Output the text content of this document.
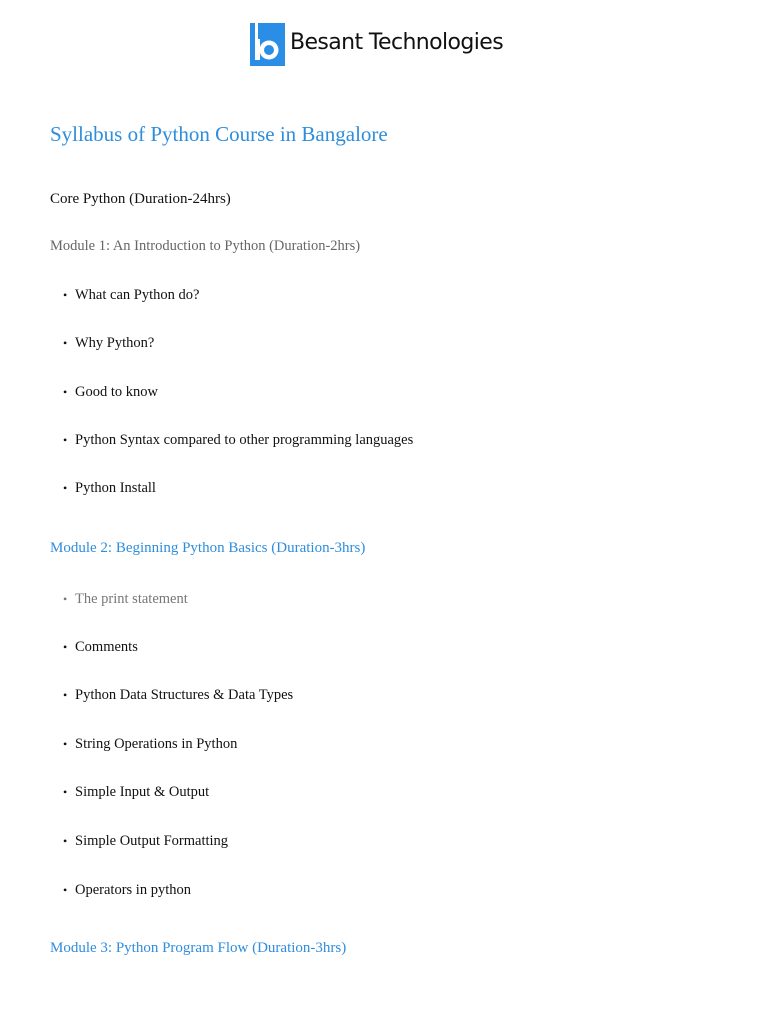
Besant Technologies
Syllabus of Python Course in Bangalore

Core Python (Duration-24hrs)

Module 1: An Introduction to Python (Duration-2hrs)
• What can Python do?
• Why Python?
• Good to know
• Python Syntax compared to other programming languages
• Python Install
Module 2: Beginning Python Basics (Duration-3hrs)
• The print statement
• Comments
• Python Data Structures & Data Types
• String Operations in Python
• Simple Input & Output
• Simple Output Formatting
• Operators in python
Module 3: Python Program Flow (Duration-3hrs)
